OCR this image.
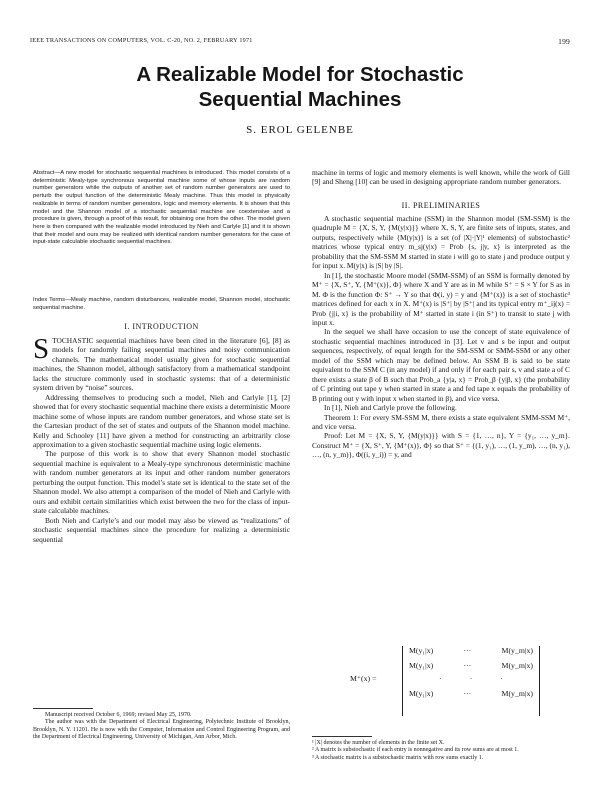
IEEE TRANSACTIONS ON COMPUTERS, VOL. C-20, NO. 2, FEBRUARY 1971	199
A Realizable Model for Stochastic
Sequential Machines
S. EROL GELENBE
Abstract—A new model for stochastic sequential machines is introduced. This model consists of a deterministic Mealy-type synchronous sequential machine some of whose inputs are random number generators while the outputs of another set of random number generators are used to perturb the output function of the deterministic Mealy machine. Thus this model is physically realizable in terms of random number generators, logic and memory elements. It is shown that this model and the Shannon model of a stochastic sequential machine are coextensive and a procedure is given, through a proof of this result, for obtaining one from the other. The model given here is then compared with the realizable model introduced by Nieh and Carlyle [1] and it is shown that their model and ours may be realized with identical random number generators for the case of input-state calculable stochastic sequential machines.
Index Terms—Mealy machine, random disturbances, realizable model, Shannon model, stochastic sequential machine.
I. INTRODUCTION

STOCHASTIC sequential machines have been cited in the literature [6], [8] as models for randomly failing sequential machines and noisy communication channels. The mathematical model usually given for stochastic sequential machines, the Shannon model, although satisfactory from a mathematical standpoint lacks the structure commonly used in stochastic systems: that of a deterministic system driven by “noise” sources.

Addressing themselves to producing such a model, Nieh and Carlyle [1], [2] showed that for every stochastic sequential machine there exists a deterministic Moore machine some of whose inputs are random number generators, and whose state set is the Cartesian product of the set of states and outputs of the Shannon model machine. Kelly and Schooley [11] have given a method for constructing an arbitrarily close approximation to a given stochastic sequential machine using logic elements.

The purpose of this work is to show that every Shannon model stochastic sequential machine is equivalent to a Mealy-type synchronous deterministic machine with random number generators at its input and other random number generators perturbing the output function. This model’s state set is identical to the state set of the Shannon model. We also attempt a comparison of the model of Nieh and Carlyle with ours and exhibit certain similarities which exist between the two for the class of input-state calculable machines.

Both Nieh and Carlyle’s and our model may also be viewed as “realizations” of stochastic sequential machines since the procedure for realizing a deterministic sequential

Manuscript received October 6, 1969; revised May 25, 1970.

The author was with the Department of Electrical Engineering, Polytechnic Institute of Brooklyn, Brooklyn, N. Y. 11201. He is now with the Computer, Information and Control Engineering Program, and the Department of Electrical Engineering, University of Michigan, Ann Arbor, Mich.

machine in terms of logic and memory elements is well known, while the work of Gill [9] and Sheng [10] can be used in designing appropriate random number generators.
II. PRELIMINARIES

A stochastic sequential machine (SSM) in the Shannon model (SM-SSM) is the quadruple M = {X, S, Y, {M(y|x)}} where X, S, Y, are finite sets of inputs, states, and outputs, respectively while {M(y|x)} is a set (of |X|·|Y|¹ elements) of substochastic² matrices whose typical entry m_sj(y|x) = Prob {s, j|y, x} is interpreted as the probability that the SM-SSM M started in state i will go to state j and produce output y for input x. M(y|x) is |S| by |S|.

In [1], the stochastic Moore model (SMM-SSM) of an SSM is formally denoted by M⁺ = {X, S⁺, Y, {M⁺(x)}, Φ} where X and Y are as in M while S⁺ = S × Y for S as in M. Φ is the function Φ: S⁺ → Y so that Φ(i, y) = y and {M⁺(x)} is a set of stochastic³ matrices defined for each x in X. M⁺(x) is |S⁺| by |S⁺| and its typical entry m⁺_ij(x) = Prob {j|i, x} is the probability of M⁺ started in state i (in S⁺) to transit to state j with input x.

In the sequel we shall have occasion to use the concept of state equivalence of stochastic sequential machines introduced in [3]. Let v and s be input and output sequences, respectively, of equal length for the SM-SSM or SMM-SSM or any other model of the SSM which may be defined below. An SSM B is said to be state equivalent to the SSM C (in any model) if and only if for each pair s, v and state a of C there exists a state β of B such that Prob_a {y|a, x} = Prob_β {y|β, x} (the probability of C printing out tape y when started in state a and fed tape x equals the probability of B printing out y with input x when started in β), and vice versa.

In [1], Nieh and Carlyle prove the following.

Theorem 1: For every SM-SSM M, there exists a state equivalent SMM-SSM M⁺, and vice versa.

Proof: Let M = {X, S, Y, {M(y|x)}} with S = {1, …, n}, Y = {y₁, …, y_m}. Construct M⁺ = {X, S⁺, Y, {M⁺(x)}, Φ} so that S⁺ = {(1, y₁), …, (1, y_m), …, (n, y₁), …, (n, y_m)}, Φ((i, y_i)) = y, and

M⁺(x) =
M(y₁|x)	···	M(y_m|x)
M(y₁|x)	···	M(y_m|x)
·	·	·
M(y₁|x)	···	M(y_m|x)

¹ |X| denotes the number of elements in the finite set X.

² A matrix is substochastic if each entry is nonnegative and its row sums are at most 1.

³ A stochastic matrix is a substochastic matrix with row sums exactly 1.
